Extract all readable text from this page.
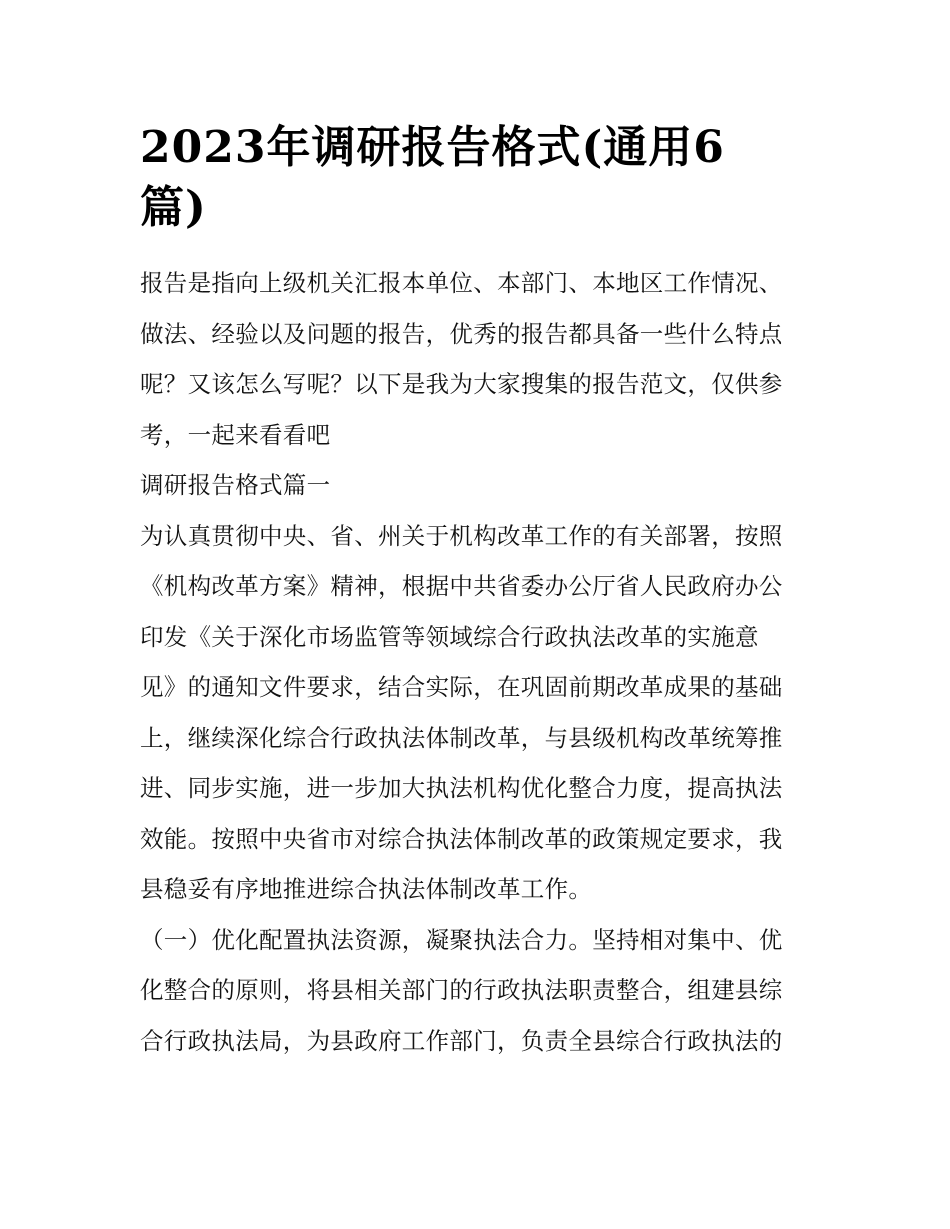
2023年调研报告格式(通用6
篇)
报告是指向上级机关汇报本单位、本部门、本地区工作情况、
做法、经验以及问题的报告，优秀的报告都具备一些什么特点
呢？又该怎么写呢？以下是我为大家搜集的报告范文，仅供参
考，一起来看看吧
调研报告格式篇一
为认真贯彻中央、省、州关于机构改革工作的有关部署，按照
《机构改革方案》精神，根据中共省委办公厅省人民政府办公
印发《关于深化市场监管等领域综合行政执法改革的实施意
见》的通知文件要求，结合实际，在巩固前期改革成果的基础
上，继续深化综合行政执法体制改革，与县级机构改革统筹推
进、同步实施，进一步加大执法机构优化整合力度，提高执法
效能。按照中央省市对综合执法体制改革的政策规定要求，我
县稳妥有序地推进综合执法体制改革工作。
（一）优化配置执法资源，凝聚执法合力。坚持相对集中、优
化整合的原则，将县相关部门的行政执法职责整合，组建县综
合行政执法局，为县政府工作部门，负责全县综合行政执法的
